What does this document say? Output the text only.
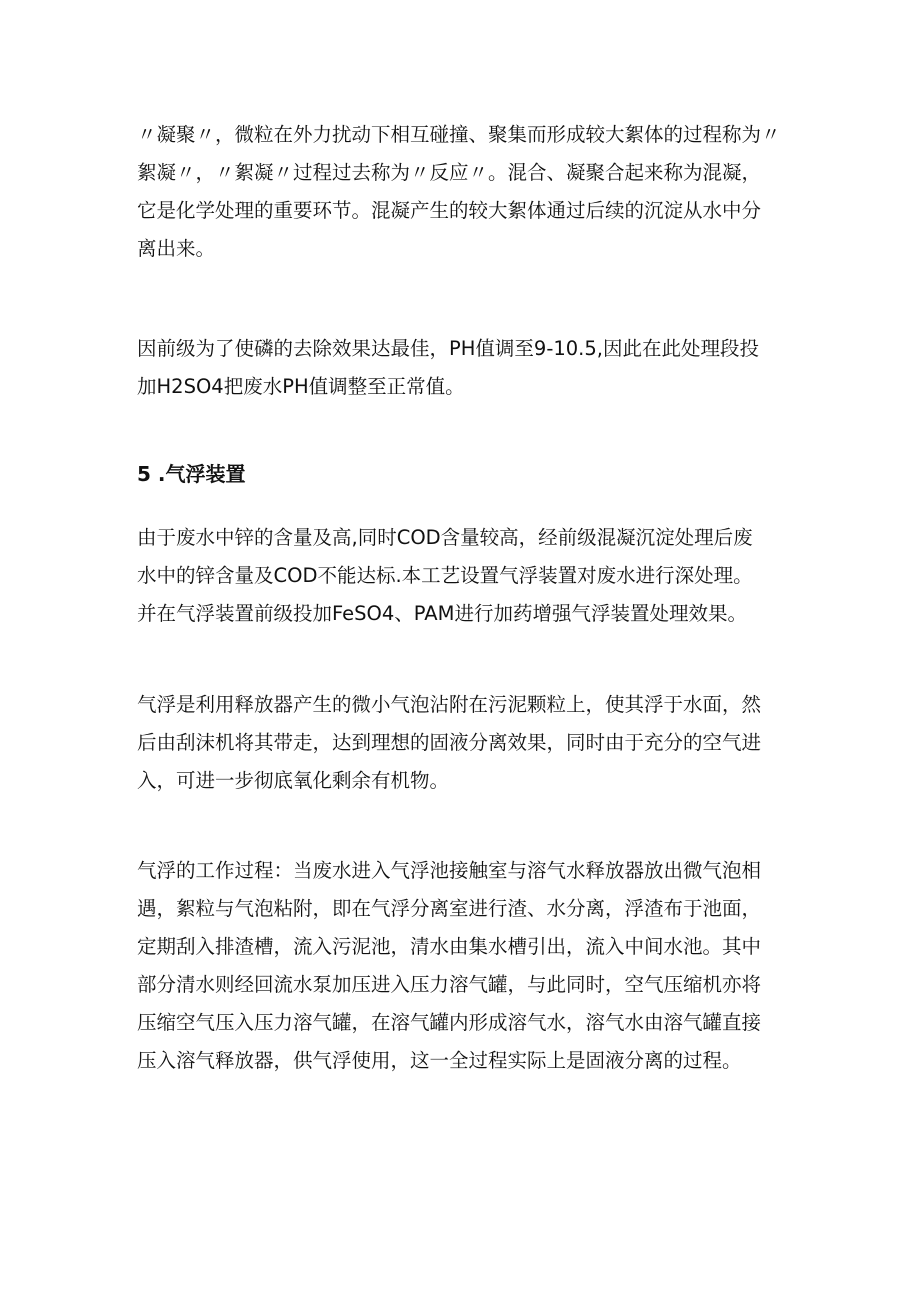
〃凝聚〃，微粒在外力扰动下相互碰撞、聚集而形成较大絮体的过程称为〃
絮凝〃，〃絮凝〃过程过去称为〃反应〃。混合、凝聚合起来称为混凝，
它是化学处理的重要环节。混凝产生的较大絮体通过后续的沉淀从水中分
离出来。

因前级为了使磷的去除效果达最佳，PH值调至9-10.5,因此在此处理段投
加H2SO4把废水PH值调整至正常值。

5 .气浮装置

由于废水中锌的含量及高,同时COD含量较高，经前级混凝沉淀处理后废
水中的锌含量及COD不能达标.本工艺设置气浮装置对废水进行深处理。
并在气浮装置前级投加FeSO4、PAM进行加药增强气浮装置处理效果。

气浮是利用释放器产生的微小气泡沾附在污泥颗粒上，使其浮于水面，然
后由刮沫机将其带走，达到理想的固液分离效果，同时由于充分的空气进
入，可进一步彻底氧化剩余有机物。

气浮的工作过程：当废水进入气浮池接触室与溶气水释放器放出微气泡相
遇，絮粒与气泡粘附，即在气浮分离室进行渣、水分离，浮渣布于池面，
定期刮入排渣槽，流入污泥池，清水由集水槽引出，流入中间水池。其中
部分清水则经回流水泵加压进入压力溶气罐，与此同时，空气压缩机亦将
压缩空气压入压力溶气罐，在溶气罐内形成溶气水，溶气水由溶气罐直接
压入溶气释放器，供气浮使用，这一全过程实际上是固液分离的过程。
